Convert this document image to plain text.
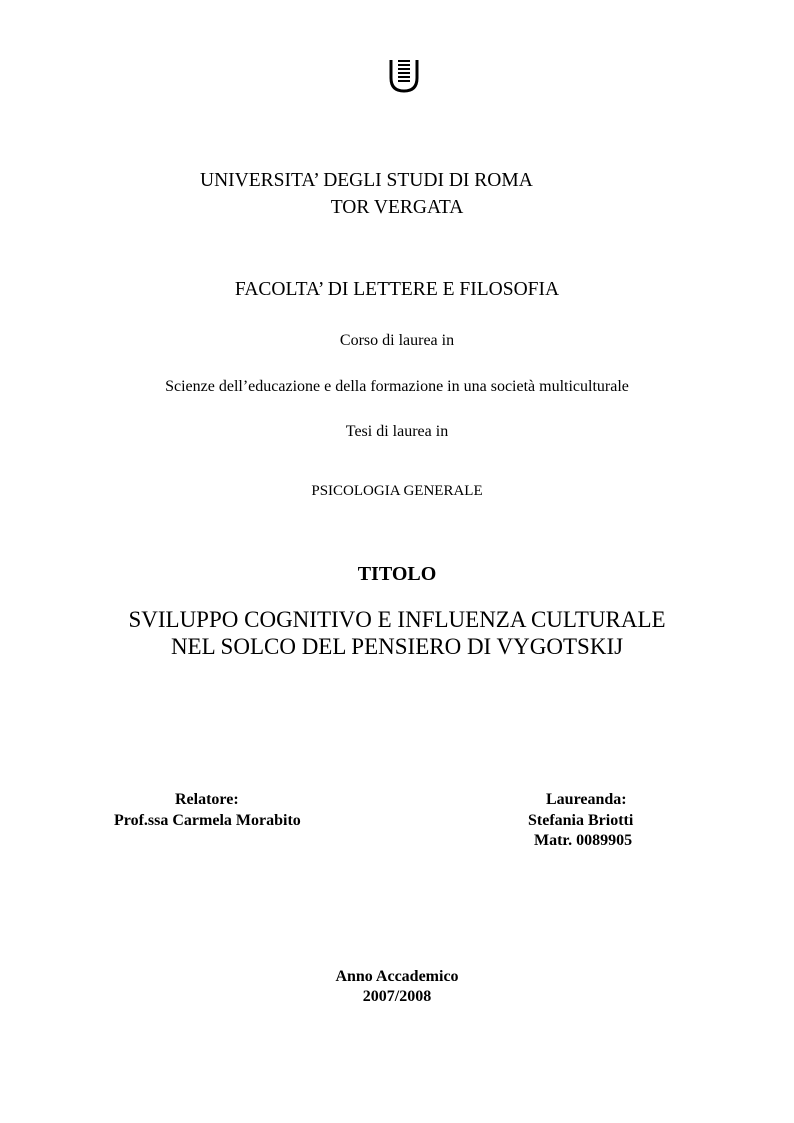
UNIVERSITA’ DEGLI STUDI DI ROMA
TOR VERGATA
FACOLTA’ DI LETTERE E FILOSOFIA
Corso di laurea in
Scienze dell’educazione e della formazione in una società multiculturale
Tesi di laurea in
PSICOLOGIA GENERALE
TITOLO
SVILUPPO COGNITIVO E INFLUENZA CULTURALE
NEL SOLCO DEL PENSIERO DI VYGOTSKIJ
Relatore:
Prof.ssa Carmela Morabito
Laureanda:
Stefania Briotti
Matr. 0089905
Anno Accademico
2007/2008
